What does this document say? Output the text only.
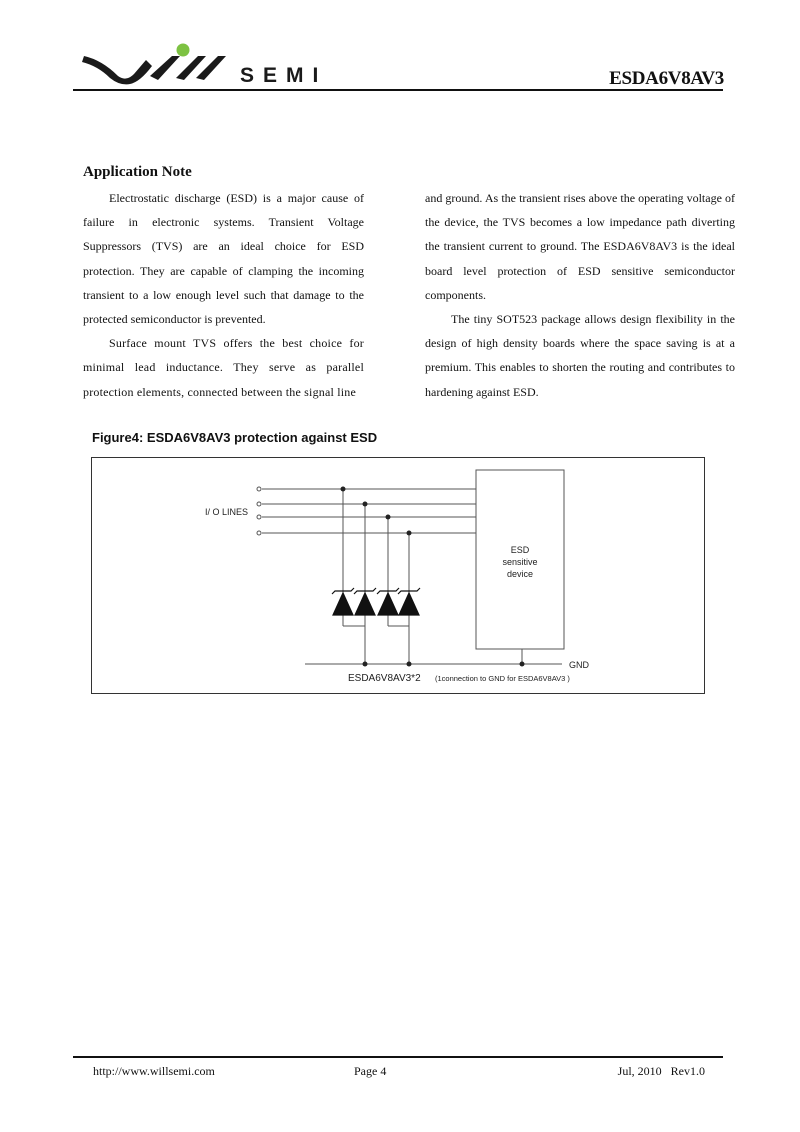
SEMI	ESDA6V8AV3
Application Note

Electrostatic discharge (ESD) is a major cause of failure in electronic systems. Transient Voltage Suppressors (TVS) are an ideal choice for ESD protection. They are capable of clamping the incoming transient to a low enough level such that damage to the protected semiconductor is prevented.

Surface mount TVS offers the best choice for minimal lead inductance. They serve as parallel protection elements, connected between the signal line

and ground. As the transient rises above the operating voltage of the device, the TVS becomes a low impedance path diverting the transient current to ground. The ESDA6V8AV3 is the ideal board level protection of ESD sensitive semiconductor components.

The tiny SOT523 package allows design flexibility in the design of high density boards where the space saving is at a premium. This enables to shorten the routing and contributes to hardening against ESD.

Figure4: ESDA6V8AV3 protection against ESD
I/ O LINES
ESD
sensitive
device
GND
ESDA6V8AV3*2 (1connection to GND for ESDA6V8AV3 )
http://www.willsemi.com	Page 4	Jul, 2010   Rev1.0
